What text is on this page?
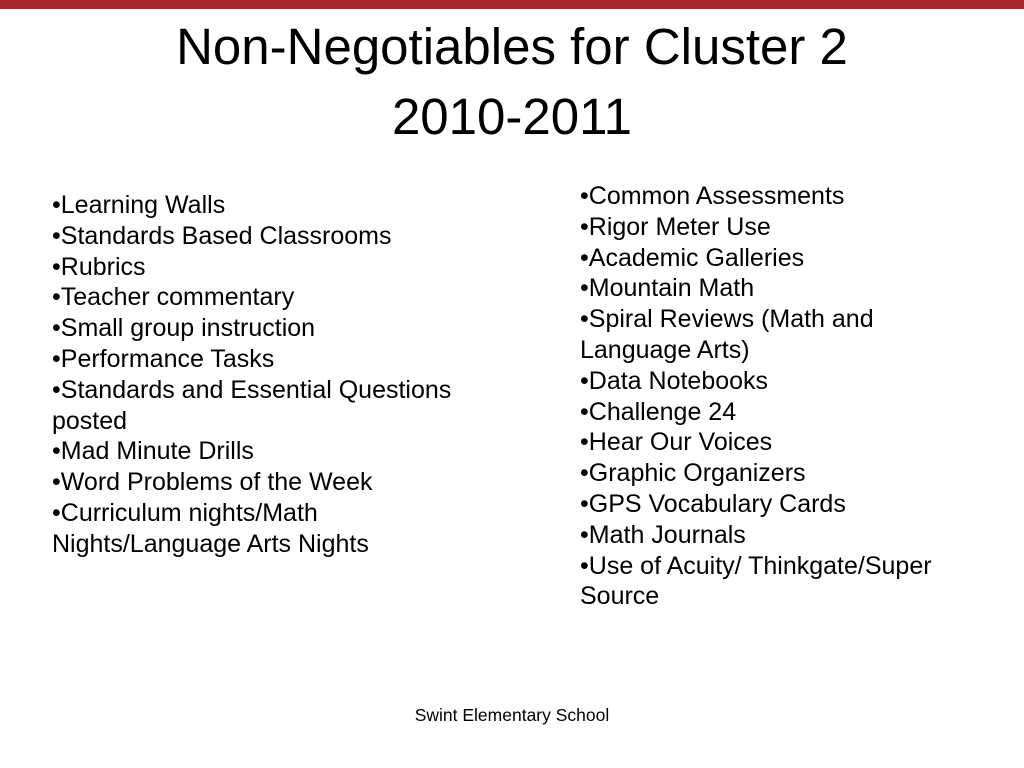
Non-Negotiables for Cluster 2
2010-2011
•Learning Walls
•Standards Based Classrooms
•Rubrics
•Teacher commentary
•Small group instruction
•Performance Tasks
•Standards and Essential Questions posted
•Mad Minute Drills
•Word Problems of the Week
•Curriculum nights/Math Nights/Language Arts Nights
•Common Assessments
•Rigor Meter Use
•Academic Galleries
•Mountain Math
•Spiral Reviews (Math and Language Arts)
•Data Notebooks
•Challenge 24
•Hear Our Voices
•Graphic Organizers
•GPS Vocabulary Cards
•Math Journals
•Use of Acuity/ Thinkgate/Super Source
Swint Elementary School
